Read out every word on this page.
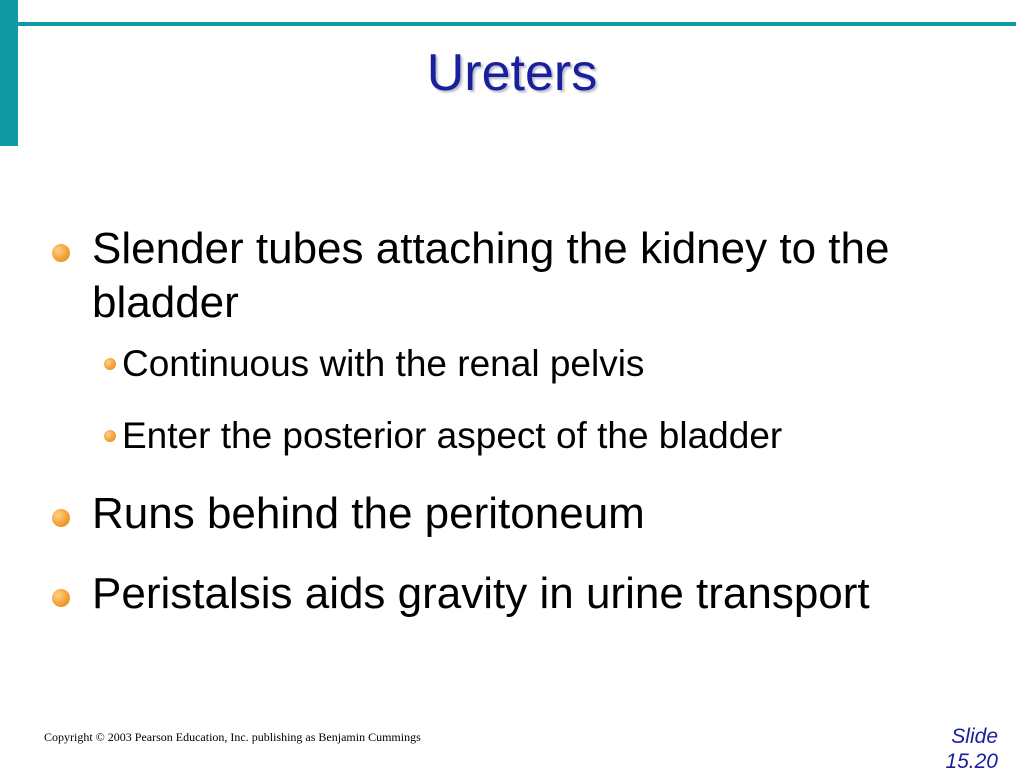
Ureters
Slender tubes attaching the kidney to the bladder
Continuous with the renal pelvis
Enter the posterior aspect of the bladder
Runs behind the peritoneum
Peristalsis aids gravity in urine transport
Copyright © 2003 Pearson Education, Inc. publishing as Benjamin Cummings	Slide
15.20
